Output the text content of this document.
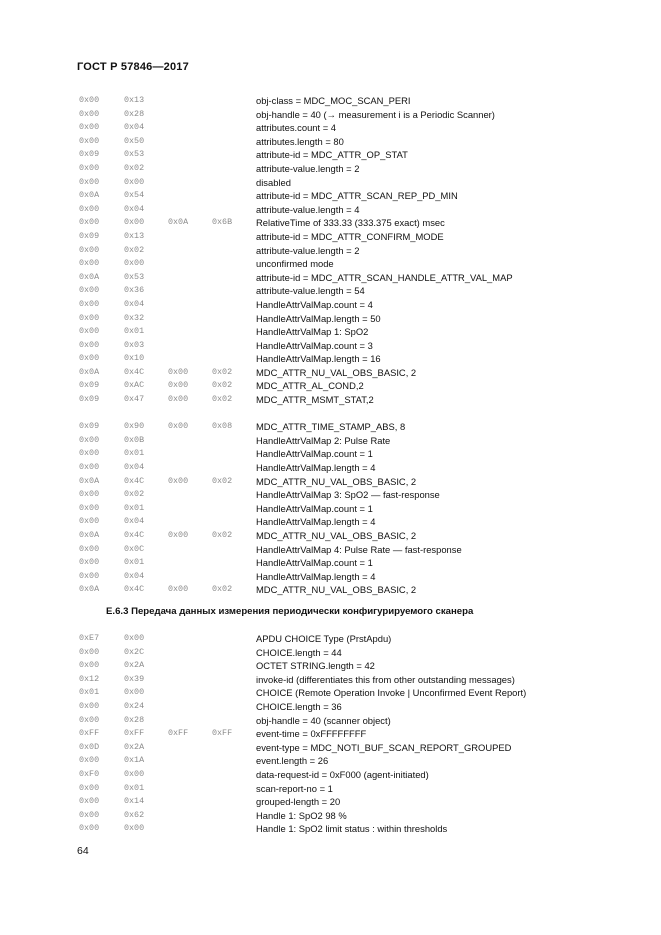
ГОСТ Р 57846—2017
0x00	0x13	obj-class = MDC_MOC_SCAN_PERI
0x00	0x28	obj-handle = 40 (→ measurement i is a Periodic Scanner)
0x00	0x04	attributes.count = 4
0x00	0x50	attributes.length = 80
0x09	0x53	attribute-id = MDC_ATTR_OP_STAT
0x00	0x02	attribute-value.length = 2
0x00	0x00	disabled
0x0A	0x54	attribute-id = MDC_ATTR_SCAN_REP_PD_MIN
0x00	0x04	attribute-value.length = 4
0x00	0x00	0x0A	0x6B	RelativeTime of 333.33 (333.375 exact) msec
0x09	0x13	attribute-id = MDC_ATTR_CONFIRM_MODE
0x00	0x02	attribute-value.length = 2
0x00	0x00	unconfirmed mode
0x0A	0x53	attribute-id = MDC_ATTR_SCAN_HANDLE_ATTR_VAL_MAP
0x00	0x36	attribute-value.length = 54
0x00	0x04	HandleAttrValMap.count = 4
0x00	0x32	HandleAttrValMap.length = 50
0x00	0x01	HandleAttrValMap 1: SpO2
0x00	0x03	HandleAttrValMap.count = 3
0x00	0x10	HandleAttrValMap.length = 16
0x0A	0x4C	0x00	0x02	MDC_ATTR_NU_VAL_OBS_BASIC, 2
0x09	0xAC	0x00	0x02	MDC_ATTR_AL_COND,2
0x09	0x47	0x00	0x02	MDC_ATTR_MSMT_STAT,2
0x09	0x90	0x00	0x08	MDC_ATTR_TIME_STAMP_ABS, 8
0x00	0x0B	HandleAttrValMap 2: Pulse Rate
0x00	0x01	HandleAttrValMap.count = 1
0x00	0x04	HandleAttrValMap.length = 4
0x0A	0x4C	0x00	0x02	MDC_ATTR_NU_VAL_OBS_BASIC, 2
0x00	0x02	HandleAttrValMap 3: SpO2 — fast-response
0x00	0x01	HandleAttrValMap.count = 1
0x00	0x04	HandleAttrValMap.length = 4
0x0A	0x4C	0x00	0x02	MDC_ATTR_NU_VAL_OBS_BASIC, 2
0x00	0x0C	HandleAttrValMap 4: Pulse Rate — fast-response
0x00	0x01	HandleAttrValMap.count = 1
0x00	0x04	HandleAttrValMap.length = 4
0x0A	0x4C	0x00	0x02	MDC_ATTR_NU_VAL_OBS_BASIC, 2
Е.6.3 Передача данных измерения периодически конфигурируемого сканера
0xE7	0x00	APDU CHOICE Type (PrstApdu)
0x00	0x2C	CHOICE.length = 44
0x00	0x2A	OCTET STRING.length = 42
0x12	0x39	invoke-id (differentiates this from other outstanding messages)
0x01	0x00	CHOICE (Remote Operation Invoke | Unconfirmed Event Report)
0x00	0x24	CHOICE.length = 36
0x00	0x28	obj-handle = 40 (scanner object)
0xFF	0xFF	0xFF	0xFF	event-time = 0xFFFFFFFF
0x0D	0x2A	event-type = MDC_NOTI_BUF_SCAN_REPORT_GROUPED
0x00	0x1A	event.length = 26
0xF0	0x00	data-request-id = 0xF000 (agent-initiated)
0x00	0x01	scan-report-no = 1
0x00	0x14	grouped-length = 20
0x00	0x62	Handle 1: SpO2 98 %
0x00	0x00	Handle 1: SpO2 limit status : within thresholds
64
